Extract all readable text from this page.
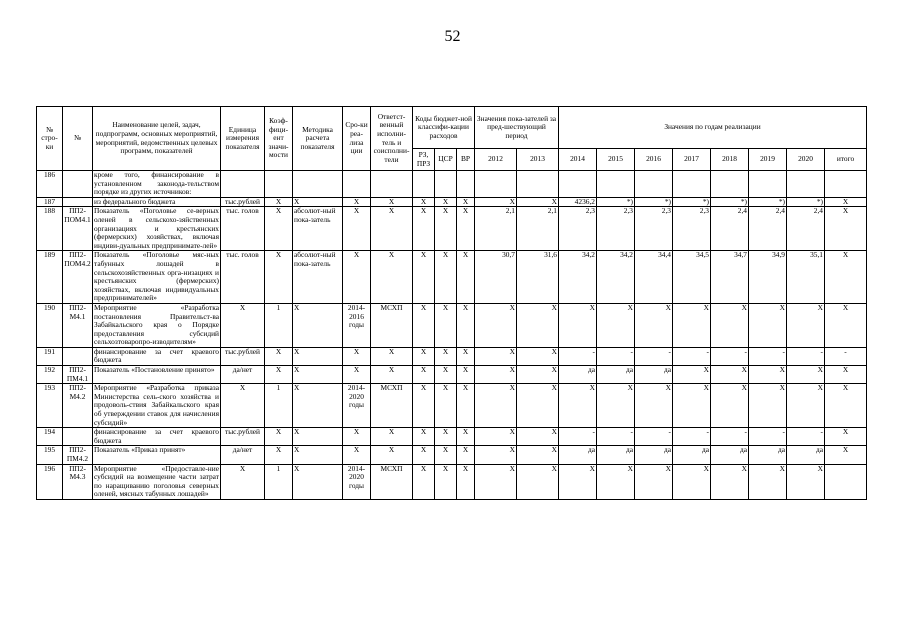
52
№ стро-ки	№	Наименование целей, задач, подпрограмм, основных мероприятий, мероприятий, ведомственных целевых программ, показателей	Единица измерения показателя	Коэф-фици-ент значи-мости	Методика расчета показателя	Сро-ки реа-лиза ции	Ответст-венный исполни-тель и соисполни-тели	Коды бюджет-ной классифи-кации расходов			Значения пока-зателей за пред-шествующий период		Значения по годам реализации							
								РЗ, ПРЗ	ЦСР	ВР	2012	2013	2014	2015	2016	2017	2018	2019	2020	итого
186		кроме того, финансирование в установленном законода-тельством порядке из других источников:																		
187		из федерального бюджета	тыс.рублей	Х	Х	Х	Х	Х	Х	Х	Х	Х	4236,2	*)	*)	*)	*)	*)	*)	Х
188	ПП2-ПОМ4.1	Показатель «Поголовье се-верных оленей в сельскохо-зяйственных организациях и крестьянских (фермерских) хозяйствах, включая индиви-дуальных предпринимате-лей»	тыс. голов	Х	абсолют-ный пока-затель	Х	Х	Х	Х	Х	2,1	2,1	2,3	2,3	2,3	2,3	2,4	2,4	2,4	Х
189	ПП2-ПОМ4.2	Показатель «Поголовье мяс-ных табунных лошадей в сельскохозяйственных орга-низациях и крестьянских (фермерских) хозяйствах, включая индивидуальных предпринимателей»	тыс. голов	Х	абсолют-ный пока-затель	Х	Х	Х	Х	Х	30,7	31,6	34,2	34,2	34,4	34,5	34,7	34,9	35,1	Х
190	ПП2-М4.1	Мероприятие «Разработка постановления Правительст-ва Забайкальского края о Порядке предоставления субсидий сельхозтоваропро-изводителям»	Х	1	Х	2014-2016 годы	МСХП	Х	Х	Х	Х	Х	Х	Х	Х	Х	Х	Х	Х	Х
191		финансирование за счет краевого бюджета	тыс.рублей	Х	Х	Х	Х	Х	Х	Х	Х	Х	-	-	-	-	-	-	-	-
192	ПП2-ПМ4.1	Показатель «Постановление принято»	да/нет	Х	Х	Х	Х	Х	Х	Х	Х	Х	да	да	да	Х	Х	Х	Х	Х
193	ПП2-М4.2	Мероприятие «Разработка приказа Министерства сель-ского хозяйства и продоволь-ствия Забайкальского края об утверждении ставок для начисления субсидий»	Х	1	Х	2014-2020 годы	МСХП	Х	Х	Х	Х	Х	Х	Х	Х	Х	Х	Х	Х	Х
194		финансирование за счет краевого бюджета	тыс.рублей	Х	Х	Х	Х	Х	Х	Х	Х	Х	-	-	-	-	-	-	-	Х
195	ПП2-ПМ4.2	Показатель «Приказ принят»	да/нет	Х	Х	Х	Х	Х	Х	Х	Х	Х	да	да	да	да	да	да	да	Х
196	ПП2-М4.3	Мероприятие «Предоставле-ние субсидий на возмещение части затрат по наращиванию поголовья северных оленей, мясных табунных лошадей»	Х	1	Х	2014-2020 годы	МСХП	Х	Х	Х	Х	Х	Х	Х	Х	Х	Х	Х	Х	
